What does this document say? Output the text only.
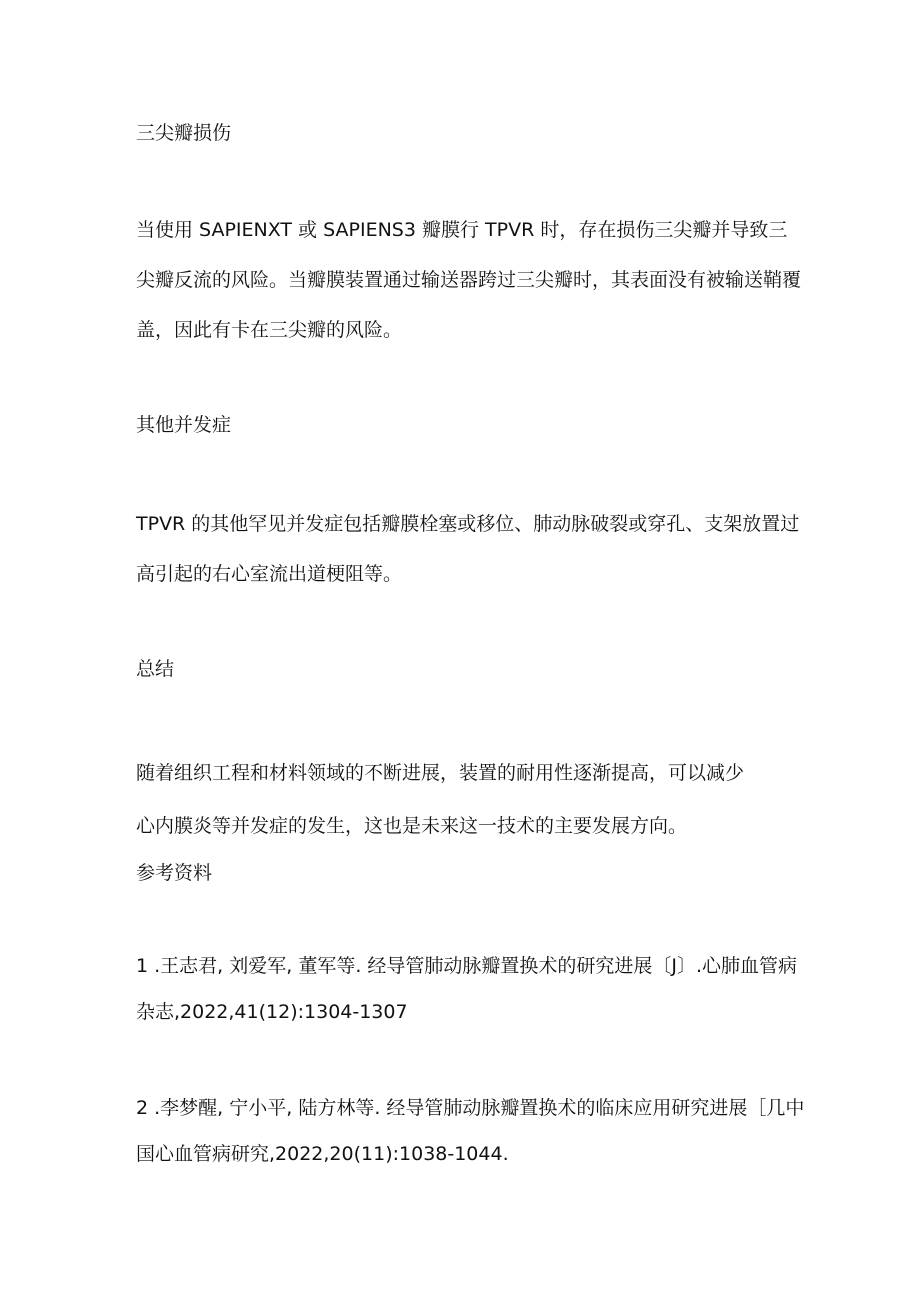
三尖瓣损伤
当使用 SAPIENXT 或 SAPIENS3 瓣膜行 TPVR 时，存在损伤三尖瓣并导致三
尖瓣反流的风险。当瓣膜装置通过输送器跨过三尖瓣时，其表面没有被输送鞘覆
盖，因此有卡在三尖瓣的风险。
其他并发症
TPVR 的其他罕见并发症包括瓣膜栓塞或移位、肺动脉破裂或穿孔、支架放置过
高引起的右心室流出道梗阻等。
总结
随着组织工程和材料领域的不断进展，装置的耐用性逐渐提高，可以减少
心内膜炎等并发症的发生，这也是未来这一技术的主要发展方向。
参考资料
1 .王志君, 刘爱军, 董军等. 经导管肺动脉瓣置换术的研究进展〔J〕.心肺血管病
杂志,2022,41(12):1304-1307
2 .李梦醒, 宁小平, 陆方林等. 经导管肺动脉瓣置换术的临床应用研究进展［几中
国心血管病研究,2022,20(11):1038-1044.
